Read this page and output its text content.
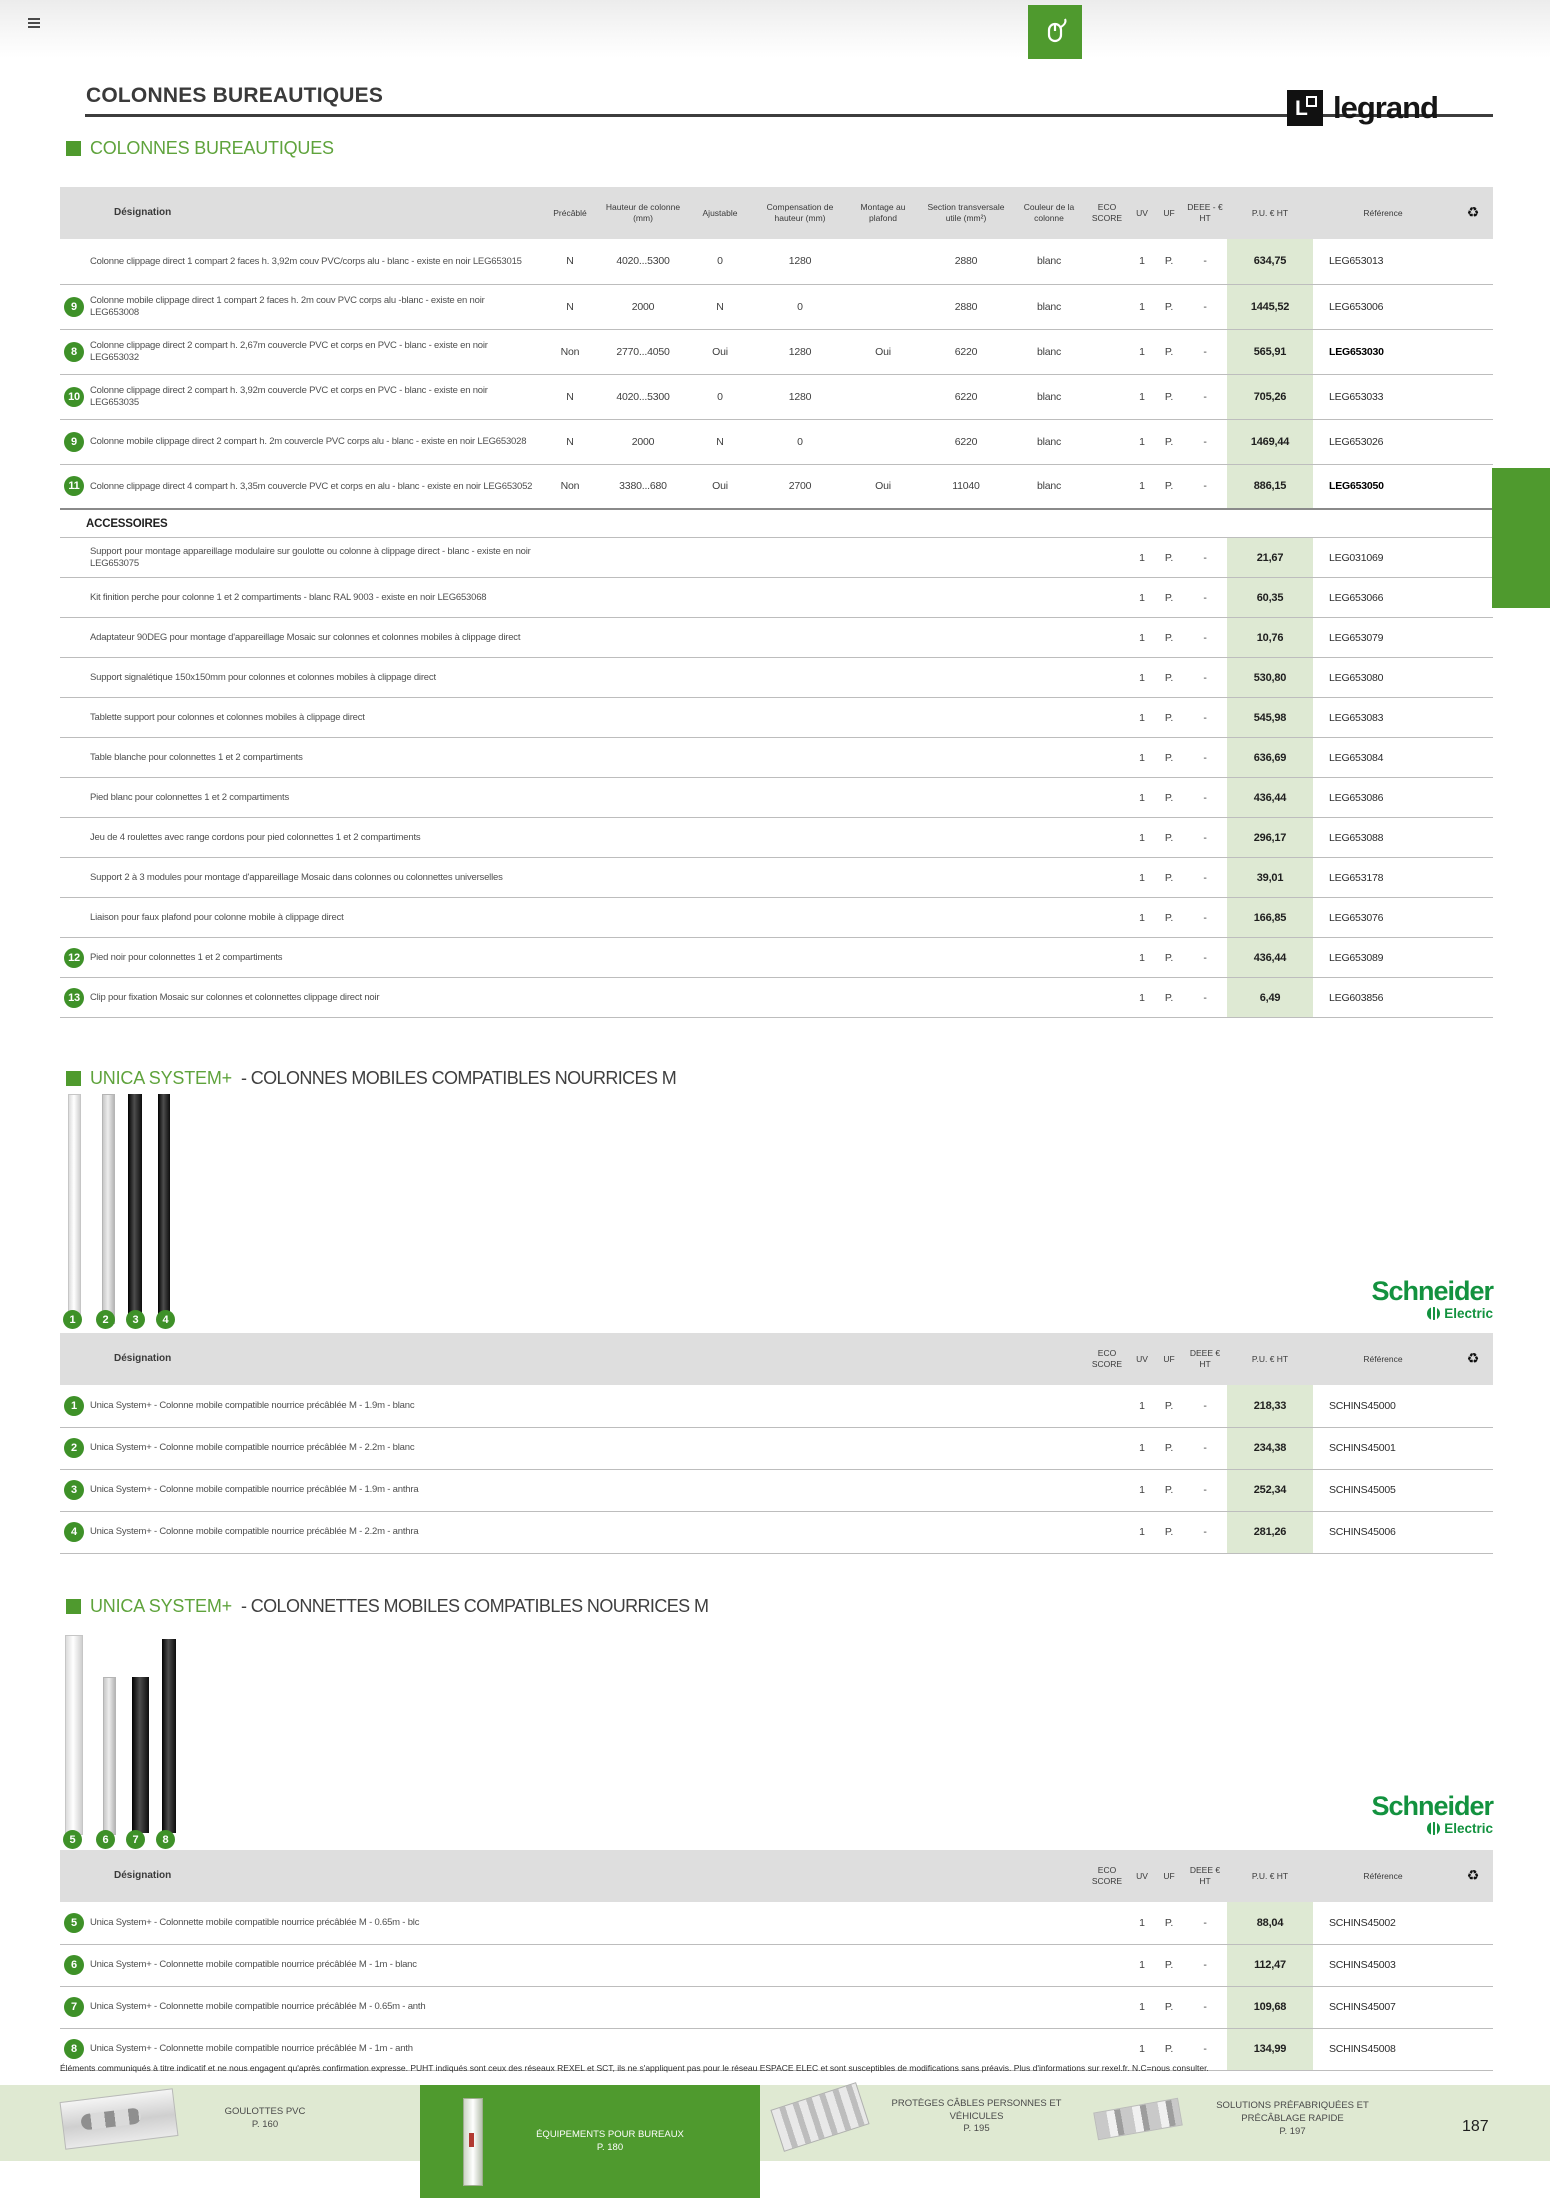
COLONNES BUREAUTIQUES
COLONNES BUREAUTIQUES
L legrand
	Désignation	Précâblé	Hauteur de colonne (mm)	Ajustable	Compensation de hauteur (mm)	Montage au plafond	Section transversale utile (mm²)	Couleur de la colonne	ECO SCORE	UV	UF	DEEE - € HT	P.U. € HT	Référence	♻
	Colonne clippage direct 1 compart 2 faces h. 3,92m couv PVC/corps alu - blanc - existe en noir LEG653015	N	4020...5300	0	1280		2880	blanc		1	P.	-	634,75	LEG653013	

9	Colonne mobile clippage direct 1 compart 2 faces h. 2m couv PVC corps alu -blanc - existe en noir LEG653008	N	2000	N	0		2880	blanc		1	P.	-	1445,52	LEG653006	

8	Colonne clippage direct 2 compart h. 2,67m couvercle PVC et corps en PVC - blanc - existe en noir LEG653032	Non	2770...4050	Oui	1280	Oui	6220	blanc		1	P.	-	565,91	LEG653030	

10	Colonne clippage direct 2 compart h. 3,92m couvercle PVC et corps en PVC - blanc - existe en noir LEG653035	N	4020...5300	0	1280		6220	blanc		1	P.	-	705,26	LEG653033	

9	Colonne mobile clippage direct 2 compart h. 2m couvercle PVC corps alu - blanc - existe en noir LEG653028	N	2000	N	0		6220	blanc		1	P.	-	1469,44	LEG653026	

11	Colonne clippage direct 4 compart h. 3,35m couvercle PVC et corps en alu - blanc - existe en noir LEG653052	Non	3380...680	Oui	2700	Oui	11040	blanc		1	P.	-	886,15	LEG653050	
ACCESSOIRES															
	Support pour montage appareillage modulaire sur goulotte ou colonne à clippage direct - blanc - existe en noir LEG653075									1	P.	-	21,67	LEG031069	
	Kit finition perche pour colonne 1 et 2 compartiments - blanc RAL 9003 - existe en noir LEG653068									1	P.	-	60,35	LEG653066	
	Adaptateur 90DEG pour montage d'appareillage Mosaic sur colonnes et colonnes mobiles à clippage direct									1	P.	-	10,76	LEG653079	
	Support signalétique 150x150mm pour colonnes et colonnes mobiles à clippage direct									1	P.	-	530,80	LEG653080	
	Tablette support pour colonnes et colonnes mobiles à clippage direct									1	P.	-	545,98	LEG653083	
	Table blanche pour colonnettes 1 et 2 compartiments									1	P.	-	636,69	LEG653084	
	Pied blanc pour colonnettes 1 et 2 compartiments									1	P.	-	436,44	LEG653086	
	Jeu de 4 roulettes avec range cordons pour pied colonnettes 1 et 2 compartiments									1	P.	-	296,17	LEG653088	
	Support 2 à 3 modules pour montage d'appareillage Mosaic dans colonnes ou colonnettes universelles									1	P.	-	39,01	LEG653178	
	Liaison pour faux plafond pour colonne mobile à clippage direct									1	P.	-	166,85	LEG653076	

12	Pied noir pour colonnettes 1 et 2 compartiments									1	P.	-	436,44	LEG653089	

13	Clip pour fixation Mosaic sur colonnes et colonnettes clippage direct noir									1	P.	-	6,49	LEG603856	
UNICA SYSTEM+ - COLONNES MOBILES COMPATIBLES NOURRICES M
1	2	3	4
Schneider
Electric
	Désignation	ECO SCORE	UV	UF	DEEE € HT	P.U. € HT	Référence	♻

1	Unica System+ - Colonne mobile compatible nourrice précâblée M - 1.9m - blanc		1	P.	-	218,33	SCHINS45000	

2	Unica System+ - Colonne mobile compatible nourrice précâblée M - 2.2m - blanc		1	P.	-	234,38	SCHINS45001	

3	Unica System+ - Colonne mobile compatible nourrice précâblée M - 1.9m - anthra		1	P.	-	252,34	SCHINS45005	

4	Unica System+ - Colonne mobile compatible nourrice précâblée M - 2.2m - anthra		1	P.	-	281,26	SCHINS45006	
UNICA SYSTEM+ - COLONNETTES MOBILES COMPATIBLES NOURRICES M
5	6	7	8
Schneider
Electric
	Désignation	ECO SCORE	UV	UF	DEEE € HT	P.U. € HT	Référence	♻

5	Unica System+ - Colonnette mobile compatible nourrice précâblée M - 0.65m - blc		1	P.	-	88,04	SCHINS45002	

6	Unica System+ - Colonnette mobile compatible nourrice précâblée M - 1m - blanc		1	P.	-	112,47	SCHINS45003	

7	Unica System+ - Colonnette mobile compatible nourrice précâblée M - 0.65m - anth		1	P.	-	109,68	SCHINS45007	

8	Unica System+ - Colonnette mobile compatible nourrice précâblée M - 1m - anth		1	P.	-	134,99	SCHINS45008	
Éléments communiqués à titre indicatif et ne nous engagent qu'après confirmation expresse. PUHT indiqués sont ceux des réseaux REXEL et SCT, ils ne s'appliquent pas pour le réseau ESPACE ELEC et sont susceptibles de modifications sans préavis. Plus d'informations sur rexel.fr. N.C=nous consulter.
GOULOTTES PVC
P. 160
ÉQUIPEMENTS POUR BUREAUX
P. 180
PROTÈGES CÂBLES PERSONNES ET VÉHICULES
P. 195
SOLUTIONS PRÉFABRIQUÉES ET PRÉCÂBLAGE RAPIDE
P. 197	187
